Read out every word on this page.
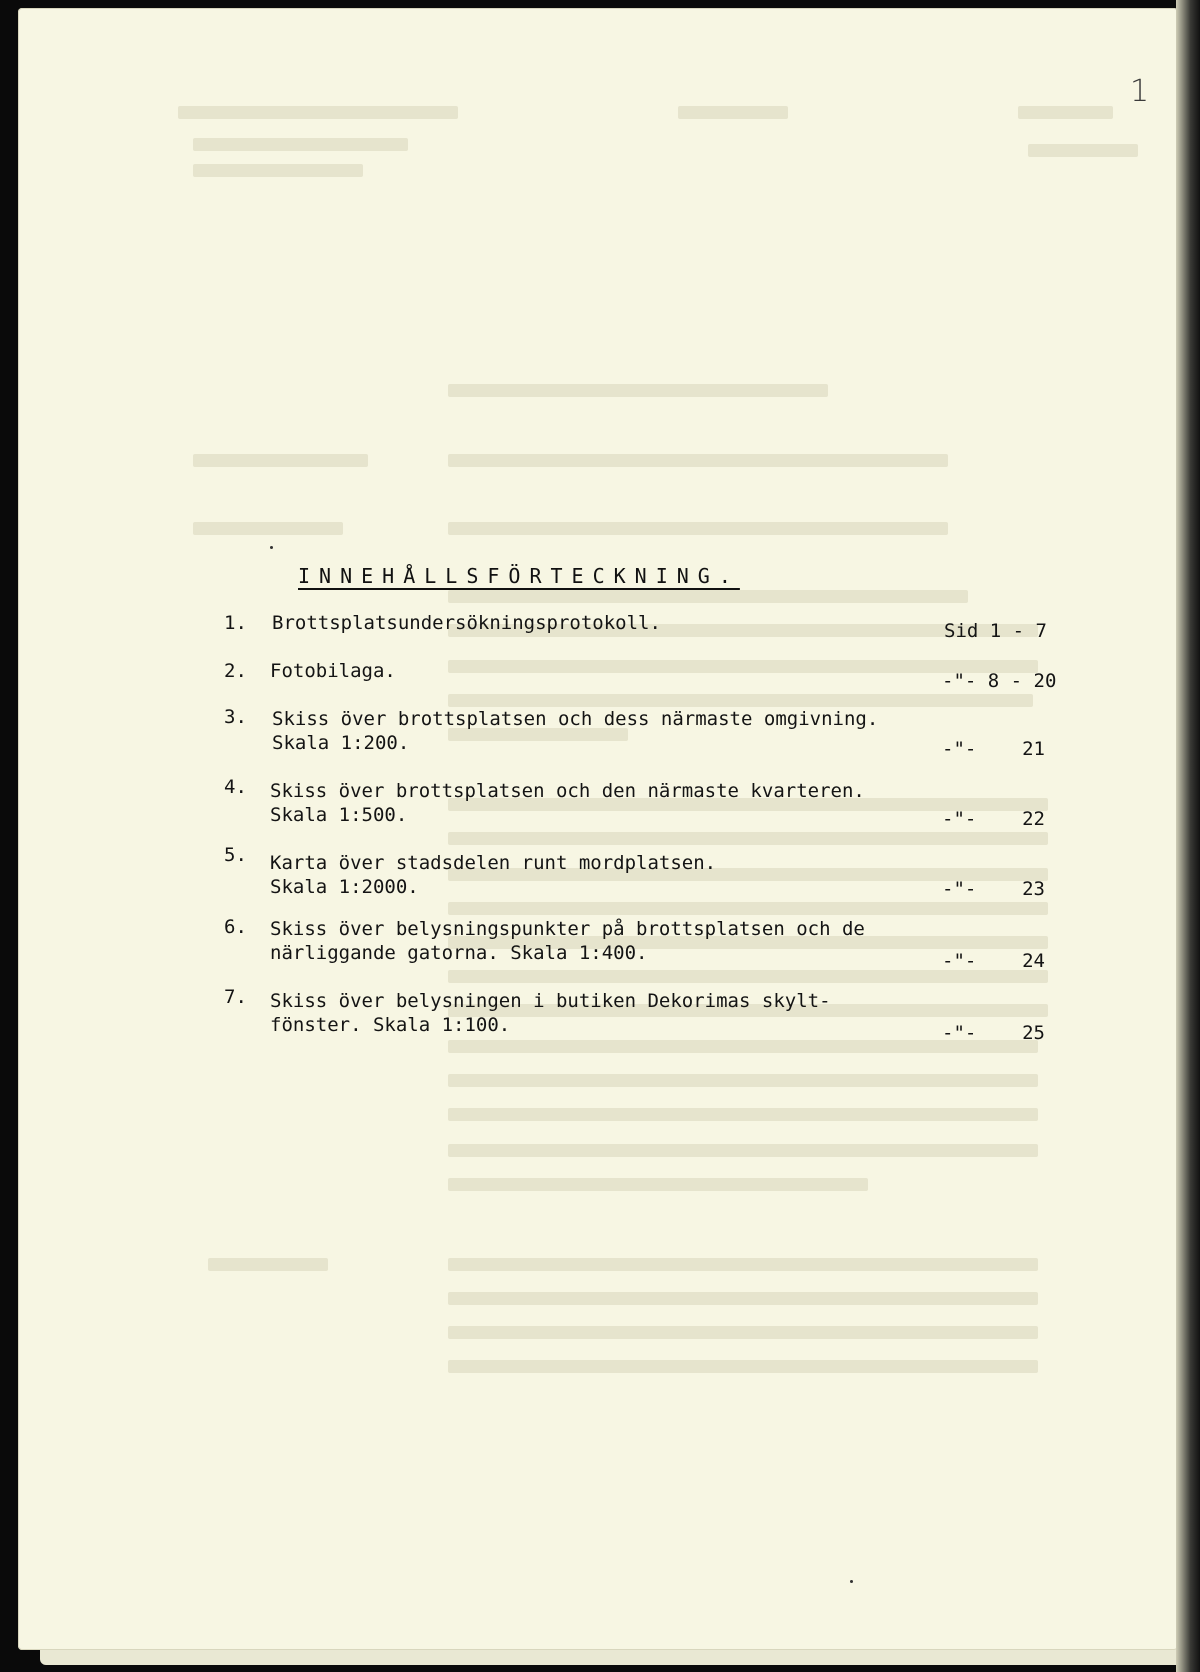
1
INNEHÅLLSFÖRTECKNING.
1. Brottsplatsundersökningsprotokoll.	Sid 1 - 7
2. Fotobilaga.	-"- 8 - 20
3. Skiss över brottsplatsen och dess närmaste omgivning.
Skala 1:200.	-"-    21
4. Skiss över brottsplatsen och den närmaste kvarteren.
Skala 1:500.	-"-    22
5. Karta över stadsdelen runt mordplatsen.
Skala 1:2000.	-"-    23
6. Skiss över belysningspunkter på brottsplatsen och de
närliggande gatorna. Skala 1:400.	-"-    24
7. Skiss över belysningen i butiken Dekorimas skylt-
fönster. Skala 1:100.	-"-    25
